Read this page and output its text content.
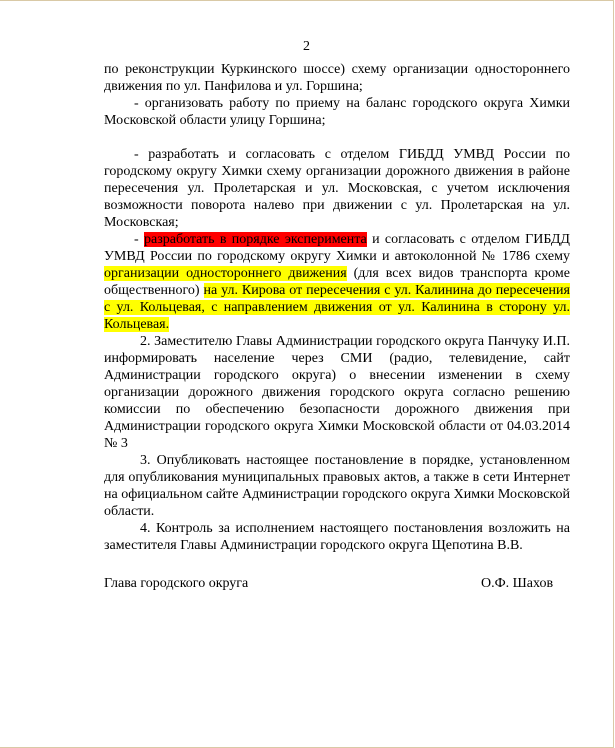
2

по реконструкции Куркинского шоссе) схему организации одностороннего движения по ул. Панфилова и ул. Горшина;

- организовать работу по приему на баланс городского округа Химки Московской области улицу Горшина;

- разработать и согласовать с отделом ГИБДД УМВД России по городскому округу Химки схему организации дорожного движения в районе пересечения ул. Пролетарская и ул. Московская, с учетом исключения возможности поворота налево при движении с ул. Пролетарская на ул. Московская;

- разработать в порядке эксперимента и согласовать с отделом ГИБДД УМВД России по городскому округу Химки и автоколонной № 1786 схему организации одностороннего движения (для всех видов транспорта кроме общественного) на ул. Кирова от пересечения с ул. Калинина до пересечения с ул. Кольцевая, с направлением движения от ул. Калинина в сторону ул. Кольцевая.

2. Заместителю Главы Администрации городского округа Панчуку И.П. информировать население через СМИ (радио, телевидение, сайт Администрации городского округа) о внесении изменении в схему организации дорожного движения городского округа согласно решению комиссии по обеспечению безопасности дорожного движения при Администрации городского округа Химки Московской области от 04.03.2014 № 3

3. Опубликовать настоящее постановление в порядке, установленном для опубликования муниципальных правовых актов, а также в сети Интернет на официальном сайте Администрации городского округа Химки Московской области.

4. Контроль за исполнением настоящего постановления возложить на заместителя Главы Администрации городского округа Щепотина В.В.

Глава городского округа	О.Ф. Шахов
